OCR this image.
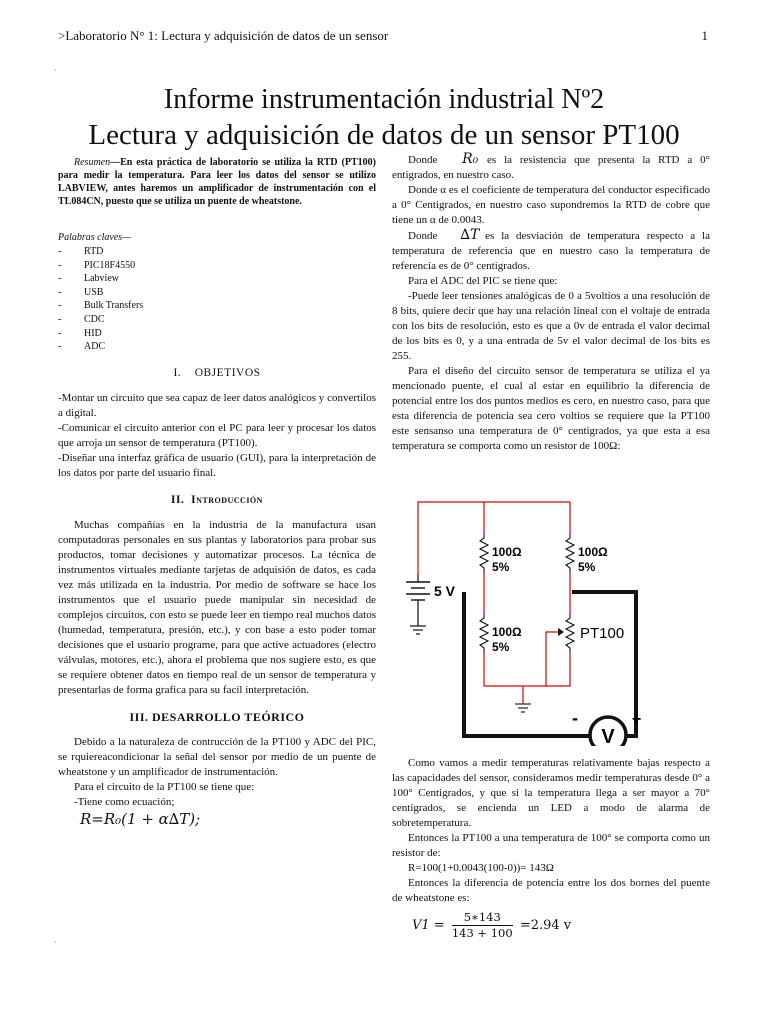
>Laboratorio N° 1: Lectura y adquisición de datos de un sensor	1
·
Informe instrumentación industrial Nº2
Lectura y adquisición de datos de un sensor PT100

Resumen—En esta práctica de laboratorio se utiliza la RTD (PT100) para medir la temperatura. Para leer los datos del sensor se utilizo LABVIEW, antes haremos un amplificador de instrumentación con el TL084CN, puesto que se utiliza un puente de wheatstone.

Palabras claves—

- RTD
- PIC18F4550
- Labview
- USB
- Bulk Transfers
- CDC
- HID
- ADC
I. OBJETIVOS

-Montar un circuito que sea capaz de leer datos analógicos y convertilos a digital.

-Comunicar el circuito anterior con el PC para leer y procesar los datos que arroja un sensor de temperatura (PT100).

-Diseñar una interfaz gráfica de usuario (GUI), para la interpretación de los datos por parte del usuario final.

II. Introducción

Muchas compañías en la industria de la manufactura usan computadoras personales en sus plantas y laboratorios para probar sus productos, tomar decisiones y automatizar procesos. La técnica de instrumentos virtuales mediante tarjetas de adquisión de datos, es cada vez más utilizada en la industria. Por medio de software se hace los instrumentos que el usuario puede manipular sin necesidad de complejos circuitos, con esto se puede leer en tiempo real muchos datos (humedad, temperatura, presión, etc.), y con base a esto poder tomar decisiones que el usuario programe, para que active actuadores (electro válvulas, motores, etc.), ahora el problema que nos sugiere esto, es que se requiere obtener datos en tiempo real de un sensor de temperatura y presentarlas de forma grafica para su facil interpretación.

III. DESARROLLO TEÓRICO

Debido a la naturaleza de contrucción de la PT100 y ADC del PIC, se rquiereacondicionar la señal del sensor por medio de un puente de wheatstone y un amplificador de instrumentación.

Para el circuito de la PT100 se tiene que:

-Tiene como ecuación;

R=R₀(1 + α∆T);

·

Donde R₀ es la resistencia que presenta la RTD a 0° entigrados, en nuestro caso.

Donde α es el coeficiente de temperatura del conductor especificado a 0° Centigrados, en nuestro caso supondremos la RTD de cobre que tiene un α de 0.0043.

Donde ∆T es la desviación de temperatura respecto a la temperatura de referencia que en nuestro caso la temperatura de referencia es de 0° centigrados.

Para el ADC del PIC se tiene que:

-Puede leer tensiones analógicas de 0 a 5voltios a una resolución de 8 bits, quiere decir que hay una relación lineal con el voltaje de entrada con los bits de resolución, esto es que a 0v de entrada el valor decimal de los bits es 0, y a una entrada de 5v el valor decimal de los bits es 255.

Para el diseño del circuito sensor de temperatura se utiliza el ya mencionado puente, el cual al estar en equilibrio la diferencia de potencial entre los dos puntos medios es cero, en nuestro caso, para que esta diferencia de potencia sea cero voltios se requiere que la PT100 este sensanso una temperatura de 0° centigrados, ya que esta a esa temperatura se comporta como un resistor de 100Ω:

5 V
100Ω
5%
100Ω
5%
100Ω
5%
PT100
V
-	+

Como vamos a medir temperaturas relativamente bajas respecto a las capacidades del sensor, consideramos medir temperaturas desde 0° a 100° Centigrados, y que si la temperatura llega a ser mayor a 70° centigrados, se encienda un LED a modo de alarma de sobretemperatura.

Entonces la PT100 a una temperatura de 100° se comporta como un resistor de:

R=100(1+0.0043(100-0))= 143Ω

Entonces la diferencia de potencia entre los dos bornes del puente de wheatstone es:

$V1 = \frac{5∗143}{143 + 100} =2.94$ v
